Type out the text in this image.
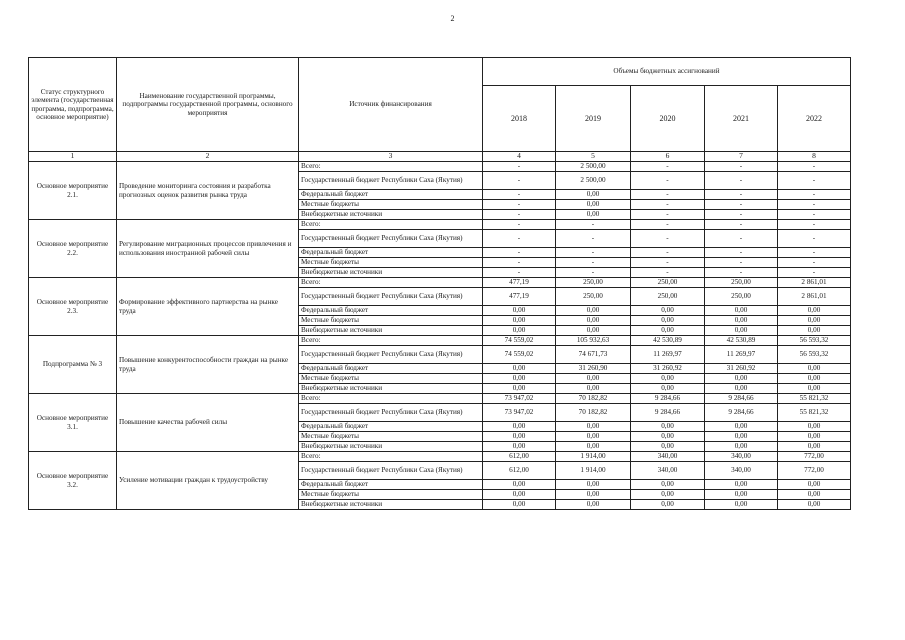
2
Статус структурного элемента (государственная программа, подпрограмма, основное мероприятие)	Наименование государственной программы, подпрограммы государственной программы, основного мероприятия	Источник финансирования	Объемы бюджетных ассигнований				
			2018	2019	2020	2021	2022
1	2	3	4	5	6	7	8
Основное мероприятие 2.1.	Проведение мониторинга состояния и разработка прогнозных оценок развития рынка труда	Всего:	-	2 500,00	-	-	-
		Государственный бюджет Республики Саха (Якутия)	-	2 500,00	-	-	-
		Федеральный бюджет	-	0,00	-	-	-
		Местные бюджеты	-	0,00	-	-	-
		Внебюджетные источники	-	0,00	-	-	-
Основное мероприятие 2.2.	Регулирование миграционных процессов привлечения и использования иностранной рабочей силы	Всего:	-	-	-	-	-
		Государственный бюджет Республики Саха (Якутия)	-	-	-	-	-
		Федеральный бюджет	-	-	-	-	-
		Местные бюджеты	-	-	-	-	-
		Внебюджетные источники	-	-	-	-	-
Основное мероприятие 2.3.	Формирование эффективного партнерства на рынке труда	Всего:	477,19	250,00	250,00	250,00	2 861,01
		Государственный бюджет Республики Саха (Якутия)	477,19	250,00	250,00	250,00	2 861,01
		Федеральный бюджет	0,00	0,00	0,00	0,00	0,00
		Местные бюджеты	0,00	0,00	0,00	0,00	0,00
		Внебюджетные источники	0,00	0,00	0,00	0,00	0,00
Подпрограмма № 3	Повышение конкурентоспособности граждан на рынке труда	Всего:	74 559,02	105 932,63	42 530,89	42 530,89	56 593,32
		Государственный бюджет Республики Саха (Якутия)	74 559,02	74 671,73	11 269,97	11 269,97	56 593,32
		Федеральный бюджет	0,00	31 260,90	31 260,92	31 260,92	0,00
		Местные бюджеты	0,00	0,00	0,00	0,00	0,00
		Внебюджетные источники	0,00	0,00	0,00	0,00	0,00
Основное мероприятие 3.1.	Повышение качества рабочей силы	Всего:	73 947,02	70 182,82	9 284,66	9 284,66	55 821,32
		Государственный бюджет Республики Саха (Якутия)	73 947,02	70 182,82	9 284,66	9 284,66	55 821,32
		Федеральный бюджет	0,00	0,00	0,00	0,00	0,00
		Местные бюджеты	0,00	0,00	0,00	0,00	0,00
		Внебюджетные источники	0,00	0,00	0,00	0,00	0,00
Основное мероприятие 3.2.	Усиление мотивации граждан к трудоустройству	Всего:	612,00	1 914,00	340,00	340,00	772,00
		Государственный бюджет Республики Саха (Якутия)	612,00	1 914,00	340,00	340,00	772,00
		Федеральный бюджет	0,00	0,00	0,00	0,00	0,00
		Местные бюджеты	0,00	0,00	0,00	0,00	0,00
		Внебюджетные источники	0,00	0,00	0,00	0,00	0,00
